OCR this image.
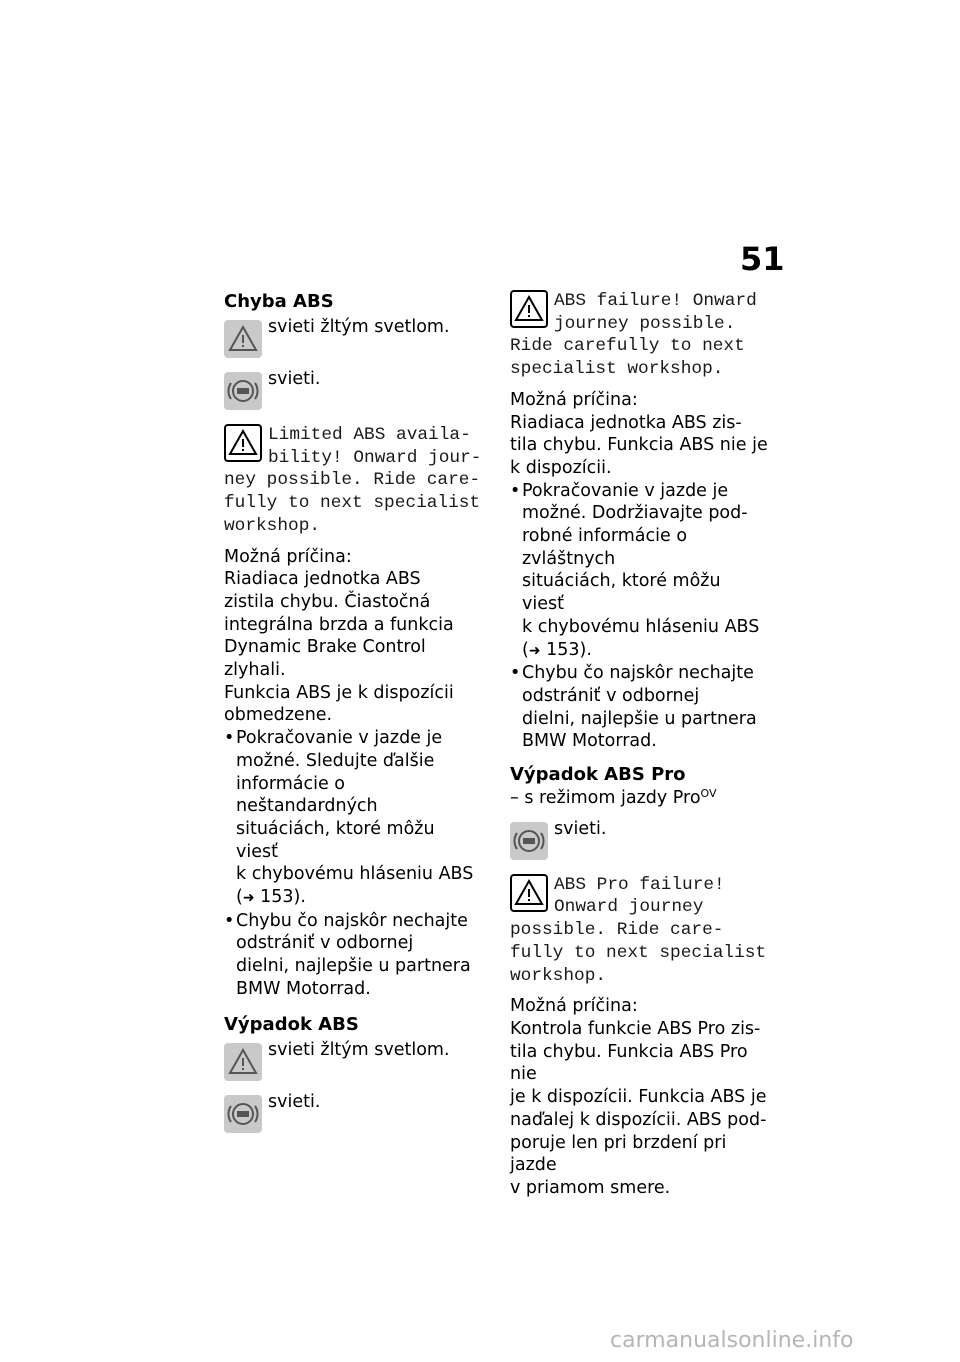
51
Chyba ABS
svieti žltým svetlom.
svieti.
Limited ABS availa-
bility! Onward jour-
ney possible. Ride care-
fully to next specialist
workshop.
Možná príčina:
Riadiaca jednotka ABS
zistila chybu. Čiastočná
integrálna brzda a funkcia
Dynamic Brake Control zlyhali.
Funkcia ABS je k dispozícii
obmedzene.
• Pokračovanie v jazde je
možné. Sledujte ďalšie
informácie o neštandardných
situáciách, ktoré môžu viesť
k chybovému hláseniu ABS
(➜ 153).
• Chybu čo najskôr nechajte
odstrániť v odbornej
dielni, najlepšie u partnera
BMW Motorrad.
Výpadok ABS
svieti žltým svetlom.
svieti.
ABS failure! Onward
journey possible.
Ride carefully to next
specialist workshop.
Možná príčina:
Riadiaca jednotka ABS zis-
tila chybu. Funkcia ABS nie je
k dispozícii.
• Pokračovanie v jazde je
možné. Dodržiavajte pod-
robné informácie o zvláštnych
situáciách, ktoré môžu viesť
k chybovému hláseniu ABS
(➜ 153).
• Chybu čo najskôr nechajte
odstrániť v odbornej
dielni, najlepšie u partnera
BMW Motorrad.
Výpadok ABS Pro
– s režimom jazdy Pro$^{OV}$
svieti.
ABS Pro failure!
Onward journey
possible. Ride care-
fully to next specialist
workshop.
Možná príčina:
Kontrola funkcie ABS Pro zis-
tila chybu. Funkcia ABS Pro nie
je k dispozícii. Funkcia ABS je
naďalej k dispozícii. ABS pod-
poruje len pri brzdení pri jazde
v priamom smere.
carmanualsonline.info
